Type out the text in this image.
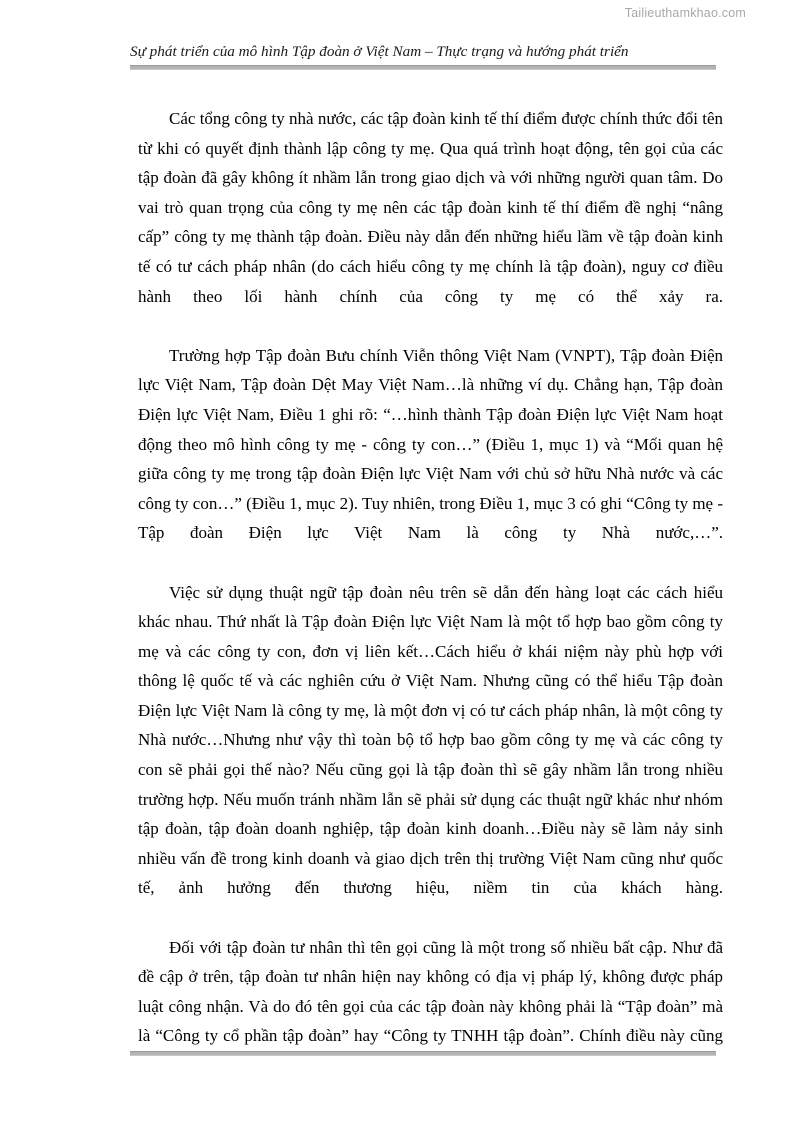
Tailieuthamkhao.com
Sự phát triển của mô hình Tập đoàn ở Việt Nam – Thực trạng và hướng phát triển

Các tổng công ty nhà nước, các tập đoàn kinh tế thí điểm được chính thức đổi tên từ khi có quyết định thành lập công ty mẹ. Qua quá trình hoạt động, tên gọi của các tập đoàn đã gây không ít nhầm lẫn trong giao dịch và với những người quan tâm. Do vai trò quan trọng của công ty mẹ nên các tập đoàn kinh tế thí điểm đề nghị “nâng cấp” công ty mẹ thành tập đoàn. Điều này dẫn đến những hiểu lầm về tập đoàn kinh tế có tư cách pháp nhân (do cách hiểu công ty mẹ chính là tập đoàn), nguy cơ điều hành theo lối hành chính của công ty mẹ có thể xảy ra.

Trường hợp Tập đoàn Bưu chính Viễn thông Việt Nam (VNPT), Tập đoàn Điện lực Việt Nam, Tập đoàn Dệt May Việt Nam…là những ví dụ. Chẳng hạn, Tập đoàn Điện lực Việt Nam, Điều 1 ghi rõ: “…hình thành Tập đoàn Điện lực Việt Nam hoạt động theo mô hình công ty mẹ - công ty con…” (Điều 1, mục 1) và “Mối quan hệ giữa công ty mẹ trong tập đoàn Điện lực Việt Nam với chủ sở hữu Nhà nước và các công ty con…” (Điều 1, mục 2). Tuy nhiên, trong Điều 1, mục 3 có ghi “Công ty mẹ - Tập đoàn Điện lực Việt Nam là công ty Nhà nước,…”.

Việc sử dụng thuật ngữ tập đoàn nêu trên sẽ dẫn đến hàng loạt các cách hiểu khác nhau. Thứ nhất là Tập đoàn Điện lực Việt Nam là một tổ hợp bao gồm công ty mẹ và các công ty con, đơn vị liên kết…Cách hiểu ở khái niệm này phù hợp với thông lệ quốc tế và các nghiên cứu ở Việt Nam. Nhưng cũng có thể hiểu Tập đoàn Điện lực Việt Nam là công ty mẹ, là một đơn vị có tư cách pháp nhân, là một công ty Nhà nước…Nhưng như vậy thì toàn bộ tổ hợp bao gồm công ty mẹ và các công ty con sẽ phải gọi thế nào? Nếu cũng gọi là tập đoàn thì sẽ gây nhầm lẫn trong nhiều trường hợp. Nếu muốn tránh nhầm lẫn sẽ phải sử dụng các thuật ngữ khác như nhóm tập đoàn, tập đoàn doanh nghiệp, tập đoàn kinh doanh…Điều này sẽ làm nảy sinh nhiều vấn đề trong kinh doanh và giao dịch trên thị trường Việt Nam cũng như quốc tế, ảnh hưởng đến thương hiệu, niềm tin của khách hàng.

Đối với tập đoàn tư nhân thì tên gọi cũng là một trong số nhiều bất cập. Như đã đề cập ở trên, tập đoàn tư nhân hiện nay không có địa vị pháp lý, không được pháp luật công nhận. Và do đó tên gọi của các tập đoàn này không phải là “Tập đoàn” mà là “Công ty cổ phần tập đoàn” hay “Công ty TNHH tập đoàn”. Chính điều này cũng
